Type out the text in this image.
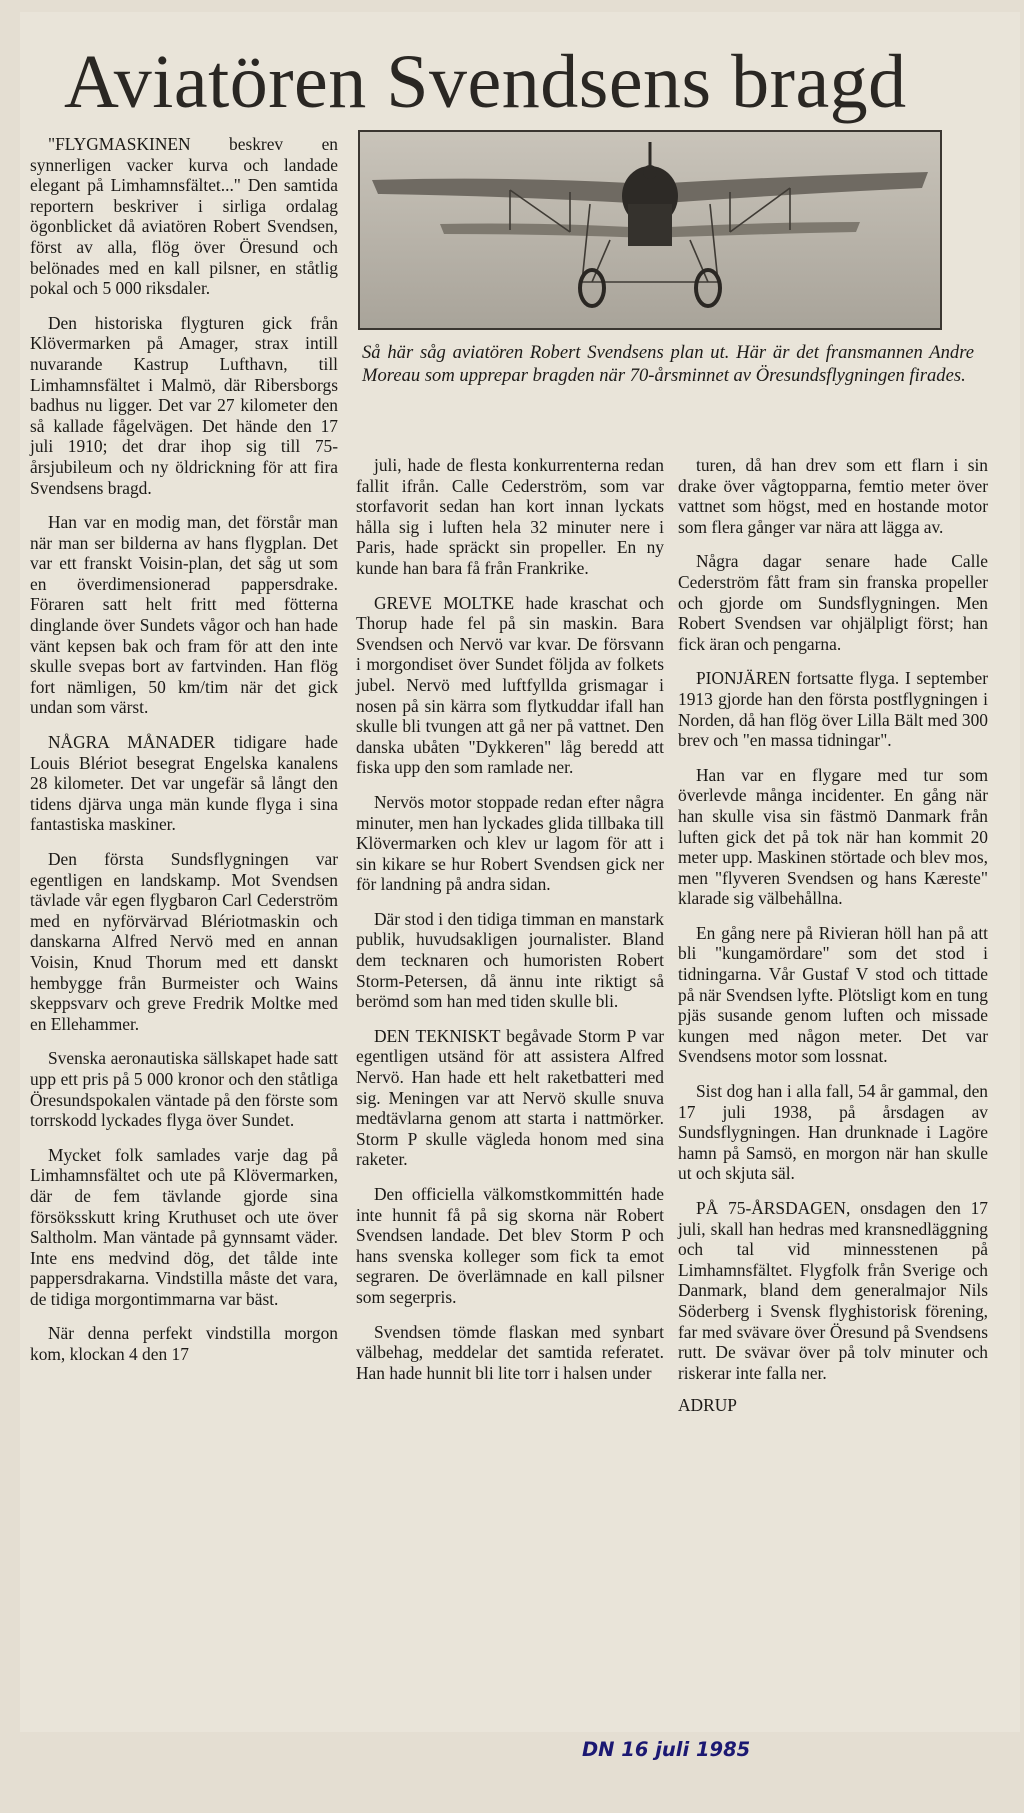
Aviatören Svendsens bragd

"FLYGMASKINEN beskrev en synnerligen vacker kurva och landade elegant på Limhamnsfältet..." Den samtida reportern beskriver i sirliga ordalag ögonblicket då aviatören Robert Svendsen, först av alla, flög över Öresund och belönades med en kall pilsner, en ståtlig pokal och 5 000 riksdaler.

Den historiska flygturen gick från Klövermarken på Amager, strax intill nuvarande Kastrup Lufthavn, till Limhamnsfältet i Malmö, där Ribersborgs badhus nu ligger. Det var 27 kilometer den så kallade fågelvägen. Det hände den 17 juli 1910; det drar ihop sig till 75-årsjubileum och ny öldrickning för att fira Svendsens bragd.

Han var en modig man, det förstår man när man ser bilderna av hans flygplan. Det var ett franskt Voisin-plan, det såg ut som en överdimensionerad pappersdrake. Föraren satt helt fritt med fötterna dinglande över Sundets vågor och han hade vänt kepsen bak och fram för att den inte skulle svepas bort av fartvinden. Han flög fort nämligen, 50 km/tim när det gick undan som värst.

NÅGRA MÅNADER tidigare hade Louis Blériot besegrat Engelska kanalens 28 kilometer. Det var ungefär så långt den tidens djärva unga män kunde flyga i sina fantastiska maskiner.

Den första Sundsflygningen var egentligen en landskamp. Mot Svendsen tävlade vår egen flygbaron Carl Cederström med en nyförvärvad Blériotmaskin och danskarna Alfred Nervö med en annan Voisin, Knud Thorum med ett danskt hembygge från Burmeister och Wains skeppsvarv och greve Fredrik Moltke med en Ellehammer.

Svenska aeronautiska sällskapet hade satt upp ett pris på 5 000 kronor och den ståtliga Öresundspokalen väntade på den förste som torrskodd lyckades flyga över Sundet.

Mycket folk samlades varje dag på Limhamnsfältet och ute på Klövermarken, där de fem tävlande gjorde sina försöksskutt kring Kruthuset och ute över Saltholm. Man väntade på gynnsamt väder. Inte ens medvind dög, det tålde inte pappersdrakarna. Vindstilla måste det vara, de tidiga morgontimmarna var bäst.

När denna perfekt vindstilla morgon kom, klockan 4 den 17

Så här såg aviatören Robert Svendsens plan ut. Här är det fransmannen Andre Moreau som upprepar bragden när 70-årsminnet av Öresundsflygningen firades.

juli, hade de flesta konkurrenterna redan fallit ifrån. Calle Cederström, som var storfavorit sedan han kort innan lyckats hålla sig i luften hela 32 minuter nere i Paris, hade spräckt sin propeller. En ny kunde han bara få från Frankrike.

GREVE MOLTKE hade kraschat och Thorup hade fel på sin maskin. Bara Svendsen och Nervö var kvar. De försvann i morgondiset över Sundet följda av folkets jubel. Nervö med luftfyllda grismagar i nosen på sin kärra som flytkuddar ifall han skulle bli tvungen att gå ner på vattnet. Den danska ubåten "Dykkeren" låg beredd att fiska upp den som ramlade ner.

Nervös motor stoppade redan efter några minuter, men han lyckades glida tillbaka till Klövermarken och klev ur lagom för att i sin kikare se hur Robert Svendsen gick ner för landning på andra sidan.

Där stod i den tidiga timman en manstark publik, huvudsakligen journalister. Bland dem tecknaren och humoristen Robert Storm-Petersen, då ännu inte riktigt så berömd som han med tiden skulle bli.

DEN TEKNISKT begåvade Storm P var egentligen utsänd för att assistera Alfred Nervö. Han hade ett helt raketbatteri med sig. Meningen var att Nervö skulle snuva medtävlarna genom att starta i nattmörker. Storm P skulle vägleda honom med sina raketer.

Den officiella välkomstkommittén hade inte hunnit få på sig skorna när Robert Svendsen landade. Det blev Storm P och hans svenska kolleger som fick ta emot segraren. De överlämnade en kall pilsner som segerpris.

Svendsen tömde flaskan med synbart välbehag, meddelar det samtida referatet. Han hade hunnit bli lite torr i halsen under

turen, då han drev som ett flarn i sin drake över vågtopparna, femtio meter över vattnet som högst, med en hostande motor som flera gånger var nära att lägga av.

Några dagar senare hade Calle Cederström fått fram sin franska propeller och gjorde om Sundsflygningen. Men Robert Svendsen var ohjälpligt först; han fick äran och pengarna.

PIONJÄREN fortsatte flyga. I september 1913 gjorde han den första postflygningen i Norden, då han flög över Lilla Bält med 300 brev och "en massa tidningar".

Han var en flygare med tur som överlevde många incidenter. En gång när han skulle visa sin fästmö Danmark från luften gick det på tok när han kommit 20 meter upp. Maskinen störtade och blev mos, men "flyveren Svendsen og hans Kæreste" klarade sig välbehållna.

En gång nere på Rivieran höll han på att bli "kungamördare" som det stod i tidningarna. Vår Gustaf V stod och tittade på när Svendsen lyfte. Plötsligt kom en tung pjäs susande genom luften och missade kungen med någon meter. Det var Svendsens motor som lossnat.

Sist dog han i alla fall, 54 år gammal, den 17 juli 1938, på årsdagen av Sundsflygningen. Han drunknade i Lagöre hamn på Samsö, en morgon när han skulle ut och skjuta säl.

PÅ 75-ÅRSDAGEN, onsdagen den 17 juli, skall han hedras med kransnedläggning och tal vid minnesstenen på Limhamnsfältet. Flygfolk från Sverige och Danmark, bland dem generalmajor Nils Söderberg i Svensk flyghistorisk förening, far med svävare över Öresund på Svendsens rutt. De svävar över på tolv minuter och riskerar inte falla ner.

ADRUP

DN 16 juli 1985
